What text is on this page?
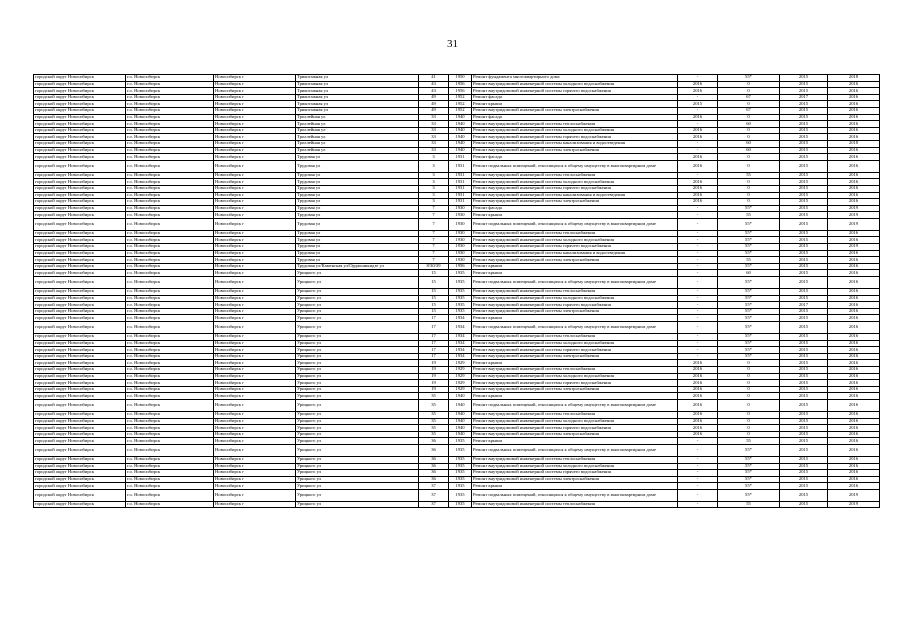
31
городской округ Новосибирск	г.о. Новосибирск	Новосибирск г	Трикотажная ул	41	1950	Ремонт фундамента многоквартирного дома	-	55*	2015	2018
городской округ Новосибирск	г.о. Новосибирск	Новосибирск г	Трикотажная ул	43	1956	Ремонт внутридомовой инженерной системы холодного водоснабжения	2016	0	2015	2016
городской округ Новосибирск	г.о. Новосибирск	Новосибирск г	Трикотажная ул	43	1956	Ремонт внутридомовой инженерной системы горячего водоснабжения	2016	0	2015	2016
городской округ Новосибирск	г.о. Новосибирск	Новосибирск г	Трикотажная ул	49	1952	Ремонт фасада	-	67	2017	2016
городской округ Новосибирск	г.о. Новосибирск	Новосибирск г	Трикотажная ул	49	1952	Ремонт крыши	2015	0	2015	2016
городской округ Новосибирск	г.о. Новосибирск	Новосибирск г	Трикотажная ул	49	1952	Ремонт внутридомовой инженерной системы электроснабжения	-	67	2015	2016
городской округ Новосибирск	г.о. Новосибирск	Новосибирск г	Троллейная ул	33	1940	Ремонт фасада	2016	0	2015	2016
городской округ Новосибирск	г.о. Новосибирск	Новосибирск г	Троллейная ул	33	1940	Ремонт внутридомовой инженерной системы теплоснабжения	-	60	2015	2016
городской округ Новосибирск	г.о. Новосибирск	Новосибирск г	Троллейная ул	33	1940	Ремонт внутридомовой инженерной системы холодного водоснабжения	2016	0	2015	2016
городской округ Новосибирск	г.о. Новосибирск	Новосибирск г	Троллейная ул	33	1940	Ремонт внутридомовой инженерной системы горячего водоснабжения	2016	0	2015	2016
городской округ Новосибирск	г.о. Новосибирск	Новосибирск г	Троллейная ул	33	1940	Ремонт внутридомовой инженерной системы канализования и водоотведения	-	60	2015	2018
городской округ Новосибирск	г.о. Новосибирск	Новосибирск г	Троллейная ул	33	1940	Ремонт внутридомовой инженерной системы электроснабжения	-	60	2015	2016
городской округ Новосибирск	г.о. Новосибирск	Новосибирск г	Трудовая ул	3	1931	Ремонт фасада	2016	0	2015	2016
городской округ Новосибирск	г.о. Новосибирск	Новосибирск г	Трудовая ул	3	1931	Ремонт подвальных помещений, относящихся к общему имуществу в многоквартирном доме	2016	0	2015	2016
городской округ Новосибирск	г.о. Новосибирск	Новосибирск г	Трудовая ул	3	1931	Ремонт внутридомовой инженерной системы теплоснабжения	-	55	2015	2016
городской округ Новосибирск	г.о. Новосибирск	Новосибирск г	Трудовая ул	3	1931	Ремонт внутридомовой инженерной системы холодного водоснабжения	2016	0	2015	2016
городской округ Новосибирск	г.о. Новосибирск	Новосибирск г	Трудовая ул	3	1931	Ремонт внутридомовой инженерной системы горячего водоснабжения	2016	0	2015	2016
городской округ Новосибирск	г.о. Новосибирск	Новосибирск г	Трудовая ул	3	1931	Ремонт внутридомовой инженерной системы канализования и водоотведения	2016	0	2015	2016
городской округ Новосибирск	г.о. Новосибирск	Новосибирск г	Трудовая ул	3	1931	Ремонт внутридомовой инженерной системы электроснабжения	2016	0	2015	2016
городской округ Новосибирск	г.о. Новосибирск	Новосибирск г	Трудовая ул	7	1930	Ремонт фасада	-	55*	2015	2019
городской округ Новосибирск	г.о. Новосибирск	Новосибирск г	Трудовая ул	7	1930	Ремонт крыши	-	55	2015	2019
городской округ Новосибирск	г.о. Новосибирск	Новосибирск г	Трудовая ул	7	1930	Ремонт подвальных помещений, относящихся к общему имуществу в многоквартирном доме	-	55*	2015	2019
городской округ Новосибирск	г.о. Новосибирск	Новосибирск г	Трудовая ул	7	1930	Ремонт внутридомовой инженерной системы теплоснабжения	-	55*	2015	2016
городской округ Новосибирск	г.о. Новосибирск	Новосибирск г	Трудовая ул	7	1930	Ремонт внутридомовой инженерной системы холодного водоснабжения	-	55*	2015	2016
городской округ Новосибирск	г.о. Новосибирск	Новосибирск г	Трудовая ул	7	1930	Ремонт внутридомовой инженерной системы горячего водоснабжения	-	55*	2015	2019
городской округ Новосибирск	г.о. Новосибирск	Новосибирск г	Трудовая ул	7	1930	Ремонт внутридомовой инженерной системы канализования и водоотведения	-	55*	2015	2016
городской округ Новосибирск	г.о. Новосибирск	Новосибирск г	Трудовая ул	7	1930	Ремонт внутридомовой инженерной системы электроснабжения	-	55	2015	2016
городской округ Новосибирск	г.о. Новосибирск	Новосибирск г	Трудовая ул/Каменская ул/Орджоникидзе ул	8/30/39	1956	Ремонт крыши	-	55*	2015	2016
городской округ Новосибирск	г.о. Новосибирск	Новосибирск г	Урицкого ул	15	1935	Ремонт крыши	-	60	2015	2016
городской округ Новосибирск	г.о. Новосибирск	Новосибирск г	Урицкого ул	15	1935	Ремонт подвальных помещений, относящихся к общему имуществу в многоквартирном доме	-	55*	2015	2016
городской округ Новосибирск	г.о. Новосибирск	Новосибирск г	Урицкого ул	15	1935	Ремонт внутридомовой инженерной системы теплоснабжения	-	55*	2015	2016
городской округ Новосибирск	г.о. Новосибирск	Новосибирск г	Урицкого ул	15	1935	Ремонт внутридомовой инженерной системы холодного водоснабжения	-	55*	2015	2016
городской округ Новосибирск	г.о. Новосибирск	Новосибирск г	Урицкого ул	15	1935	Ремонт внутридомовой инженерной системы горячего водоснабжения	-	55*	2017	2016
городской округ Новосибирск	г.о. Новосибирск	Новосибирск г	Урицкого ул	15	1935	Ремонт внутридомовой инженерной системы электроснабжения	-	55*	2015	2016
городской округ Новосибирск	г.о. Новосибирск	Новосибирск г	Урицкого ул	17	1934	Ремонт крыши	-	55*	2015	2016
городской округ Новосибирск	г.о. Новосибирск	Новосибирск г	Урицкого ул	17	1934	Ремонт подвальных помещений, относящихся к общему имуществу в многоквартирном доме	-	55*	2015	2016
городской округ Новосибирск	г.о. Новосибирск	Новосибирск г	Урицкого ул	17	1934	Ремонт внутридомовой инженерной системы теплоснабжения	-	55*	2015	2016
городской округ Новосибирск	г.о. Новосибирск	Новосибирск г	Урицкого ул	17	1934	Ремонт внутридомовой инженерной системы холодного водоснабжения	-	55*	2015	2016
городской округ Новосибирск	г.о. Новосибирск	Новосибирск г	Урицкого ул	17	1934	Ремонт внутридомовой инженерной системы горячего водоснабжения	-	55*	2015	2016
городской округ Новосибирск	г.о. Новосибирск	Новосибирск г	Урицкого ул	17	1934	Ремонт внутридомовой инженерной системы электроснабжения	-	55*	2015	2016
городской округ Новосибирск	г.о. Новосибирск	Новосибирск г	Урицкого ул	19	1929	Ремонт крыши	2016	0	2015	2016
городской округ Новосибирск	г.о. Новосибирск	Новосибирск г	Урицкого ул	19	1929	Ремонт внутридомовой инженерной системы теплоснабжения	2016	0	2015	2016
городской округ Новосибирск	г.о. Новосибирск	Новосибирск г	Урицкого ул	19	1929	Ремонт внутридомовой инженерной системы холодного водоснабжения	2016	0	2015	2016
городской округ Новосибирск	г.о. Новосибирск	Новосибирск г	Урицкого ул	19	1929	Ремонт внутридомовой инженерной системы горячего водоснабжения	2016	0	2015	2016
городской округ Новосибирск	г.о. Новосибирск	Новосибирск г	Урицкого ул	19	1929	Ремонт внутридомовой инженерной системы электроснабжения	2016	0	2015	2016
городской округ Новосибирск	г.о. Новосибирск	Новосибирск г	Урицкого ул	35	1940	Ремонт крыши	2016	0	2015	2016
городской округ Новосибирск	г.о. Новосибирск	Новосибирск г	Урицкого ул	35	1940	Ремонт подвальных помещений, относящихся к общему имуществу в многоквартирном доме	2016	0	2015	2016
городской округ Новосибирск	г.о. Новосибирск	Новосибирск г	Урицкого ул	35	1940	Ремонт внутридомовой инженерной системы теплоснабжения	2016	0	2015	2016
городской округ Новосибирск	г.о. Новосибирск	Новосибирск г	Урицкого ул	35	1940	Ремонт внутридомовой инженерной системы холодного водоснабжения	2016	0	2015	2016
городской округ Новосибирск	г.о. Новосибирск	Новосибирск г	Урицкого ул	35	1940	Ремонт внутридомовой инженерной системы горячего водоснабжения	2016	0	2015	2016
городской округ Новосибирск	г.о. Новосибирск	Новосибирск г	Урицкого ул	35	1940	Ремонт внутридомовой инженерной системы электроснабжения	2016	0	2015	2016
городской округ Новосибирск	г.о. Новосибирск	Новосибирск г	Урицкого ул	36	1935	Ремонт крыши	-	55	2015	2016
городской округ Новосибирск	г.о. Новосибирск	Новосибирск г	Урицкого ул	36	1935	Ремонт подвальных помещений, относящихся к общему имуществу в многоквартирном доме	-	55*	2015	2016
городской округ Новосибирск	г.о. Новосибирск	Новосибирск г	Урицкого ул	36	1935	Ремонт внутридомовой инженерной системы теплоснабжения	-	55*	2015	2016
городской округ Новосибирск	г.о. Новосибирск	Новосибирск г	Урицкого ул	36	1935	Ремонт внутридомовой инженерной системы холодного водоснабжения	-	55*	2015	2016
городской округ Новосибирск	г.о. Новосибирск	Новосибирск г	Урицкого ул	36	1935	Ремонт внутридомовой инженерной системы горячего водоснабжения	-	55*	2015	2016
городской округ Новосибирск	г.о. Новосибирск	Новосибирск г	Урицкого ул	36	1935	Ремонт внутридомовой инженерной системы электроснабжения	-	55*	2015	2016
городской округ Новосибирск	г.о. Новосибирск	Новосибирск г	Урицкого ул	37	1935	Ремонт крыши	-	55*	2015	2016
городской округ Новосибирск	г.о. Новосибирск	Новосибирск г	Урицкого ул	37	1935	Ремонт подвальных помещений, относящихся к общему имуществу в многоквартирном доме	-	55*	2015	2019
городской округ Новосибирск	г.о. Новосибирск	Новосибирск г	Урицкого ул	37	1935	Ремонт внутридомовой инженерной системы теплоснабжения	-	55	2015	2019
